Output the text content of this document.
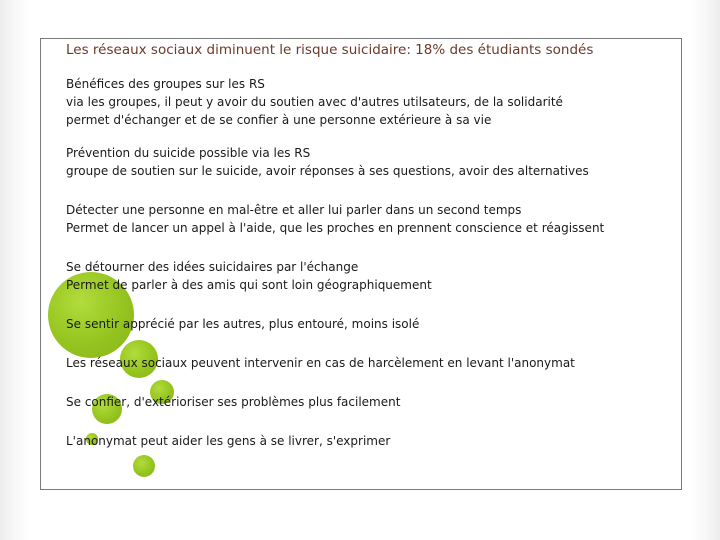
Les réseaux sociaux diminuent le risque suicidaire: 18% des étudiants sondés
Bénéfices des groupes sur les RS
via les groupes, il peut y avoir du soutien avec d'autres utilsateurs, de la solidarité
permet d'échanger et de se confier à une personne extérieure à sa vie
Prévention du suicide possible via les RS
groupe de soutien sur le suicide, avoir réponses à ses questions, avoir des alternatives
Détecter une personne en mal-être et aller lui parler dans un second temps
Permet de lancer un appel à l'aide, que les proches en prennent conscience et réagissent
Se détourner des idées suicidaires par l'échange
Permet de parler à des amis qui sont loin géographiquement
Se sentir apprécié par les autres, plus entouré, moins isolé
Les réseaux sociaux peuvent intervenir en cas de harcèlement en levant l'anonymat
Se confier, d'extérioriser ses problèmes plus facilement
L'anonymat peut aider les gens à se livrer, s'exprimer
